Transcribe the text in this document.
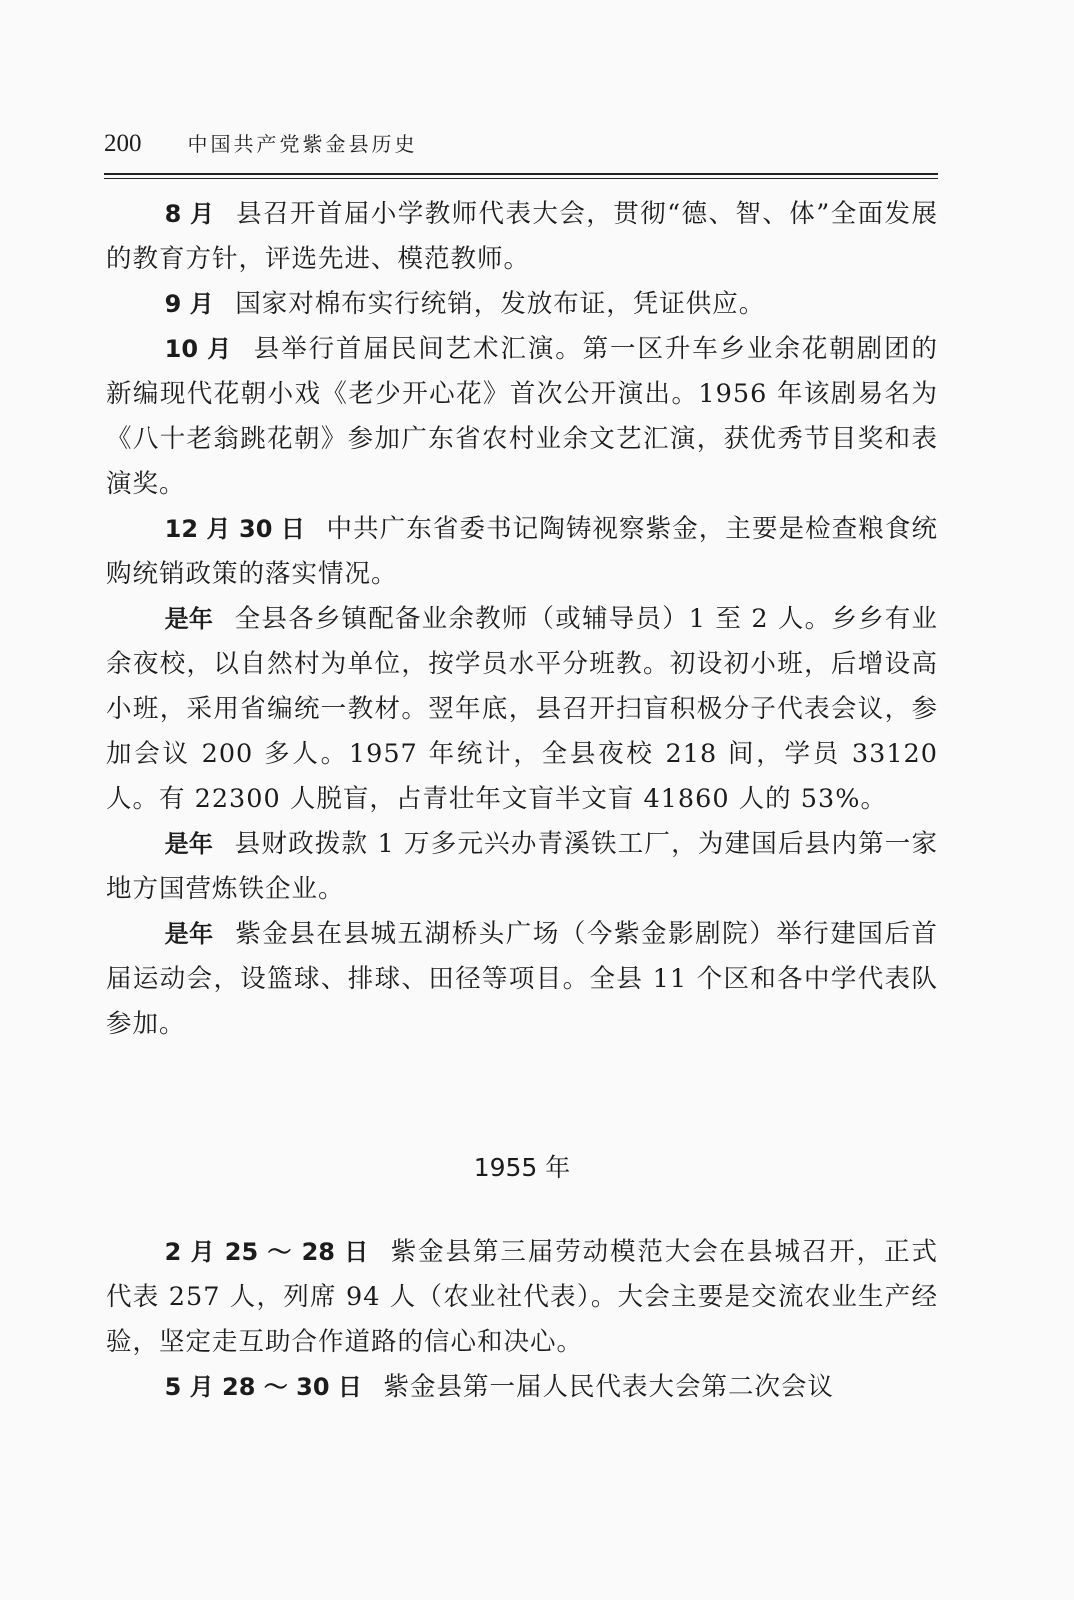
200 中国共产党紫金县历史

8 月 县召开首届小学教师代表大会，贯彻“德、智、体”全面发展的教育方针，评选先进、模范教师。

9 月 国家对棉布实行统销，发放布证，凭证供应。

10 月 县举行首届民间艺术汇演。第一区升车乡业余花朝剧团的新编现代花朝小戏《老少开心花》首次公开演出。1956 年该剧易名为《八十老翁跳花朝》参加广东省农村业余文艺汇演，获优秀节目奖和表演奖。

12 月 30 日 中共广东省委书记陶铸视察紫金，主要是检查粮食统购统销政策的落实情况。

是年 全县各乡镇配备业余教师（或辅导员）1 至 2 人。乡乡有业余夜校，以自然村为单位，按学员水平分班教。初设初小班，后增设高小班，采用省编统一教材。翌年底，县召开扫盲积极分子代表会议，参加会议 200 多人。1957 年统计，全县夜校 218 间，学员 33120 人。有 22300 人脱盲，占青壮年文盲半文盲 41860 人的 53%。

是年 县财政拨款 1 万多元兴办青溪铁工厂，为建国后县内第一家地方国营炼铁企业。

是年 紫金县在县城五湖桥头广场（今紫金影剧院）举行建国后首届运动会，设篮球、排球、田径等项目。全县 11 个区和各中学代表队参加。

1955 年

2 月 25 ～ 28 日 紫金县第三届劳动模范大会在县城召开，正式代表 257 人，列席 94 人（农业社代表）。大会主要是交流农业生产经验，坚定走互助合作道路的信心和决心。

5 月 28 ～ 30 日 紫金县第一届人民代表大会第二次会议
